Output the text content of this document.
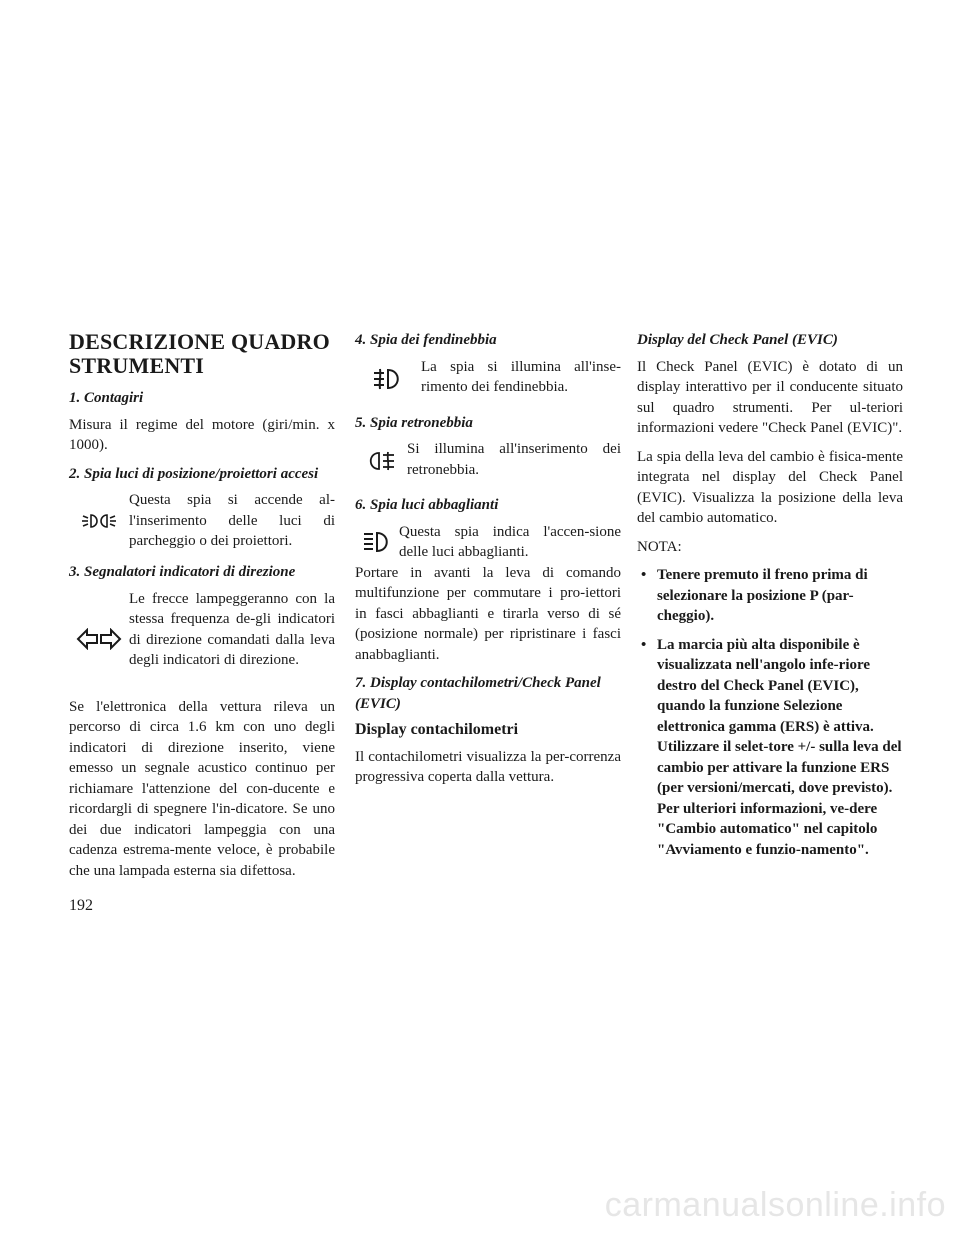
DESCRIZIONE QUADRO STRUMENTI
1. Contagiri

Misura il regime del motore (giri/min. x 1000).

2. Spia luci di posizione/proiettori accesi

Questa spia si accende al-l'inserimento delle luci di parcheggio o dei proiettori.

3. Segnalatori indicatori di direzione

Le frecce lampeggeranno con la stessa frequenza de-gli indicatori di direzione comandati dalla leva degli indicatori di direzione.

Se l'elettronica della vettura rileva un percorso di circa 1.6 km con uno degli indicatori di direzione inserito, viene emesso un segnale acustico continuo per richiamare l'attenzione del con-ducente e ricordargli di spegnere l'in-dicatore. Se uno dei due indicatori lampeggia con una cadenza estrema-mente veloce, è probabile che una lampada esterna sia difettosa.

4. Spia dei fendinebbia

La spia si illumina all'inse-rimento dei fendinebbia.

5. Spia retronebbia

Si illumina all'inserimento dei retronebbia.

6. Spia luci abbaglianti

Questa spia indica l'accen-sione delle luci abbaglianti.

Portare in avanti la leva di comando multifunzione per commutare i pro-iettori in fasci abbaglianti e tirarla verso di sé (posizione normale) per ripristinare i fasci anabbaglianti.

7. Display contachilometri/Check Panel (EVIC)
Display contachilometri

Il contachilometri visualizza la per-correnza progressiva coperta dalla vettura.

Display del Check Panel (EVIC)

Il Check Panel (EVIC) è dotato di un display interattivo per il conducente situato sul quadro strumenti. Per ul-teriori informazioni vedere "Check Panel (EVIC)".

La spia della leva del cambio è fisica-mente integrata nel display del Check Panel (EVIC). Visualizza la posizione della leva del cambio automatico.

NOTA:
• Tenere premuto il freno prima di selezionare la posizione P (par-cheggio).
• La marcia più alta disponibile è visualizzata nell'angolo infe-riore destro del Check Panel (EVIC), quando la funzione Selezione elettronica gamma (ERS) è attiva. Utilizzare il selet-tore +/- sulla leva del cambio per attivare la funzione ERS (per versioni/mercati, dove previsto). Per ulteriori informazioni, ve-dere "Cambio automatico" nel capitolo "Avviamento e funzio-namento".
192
carmanualsonline.info
